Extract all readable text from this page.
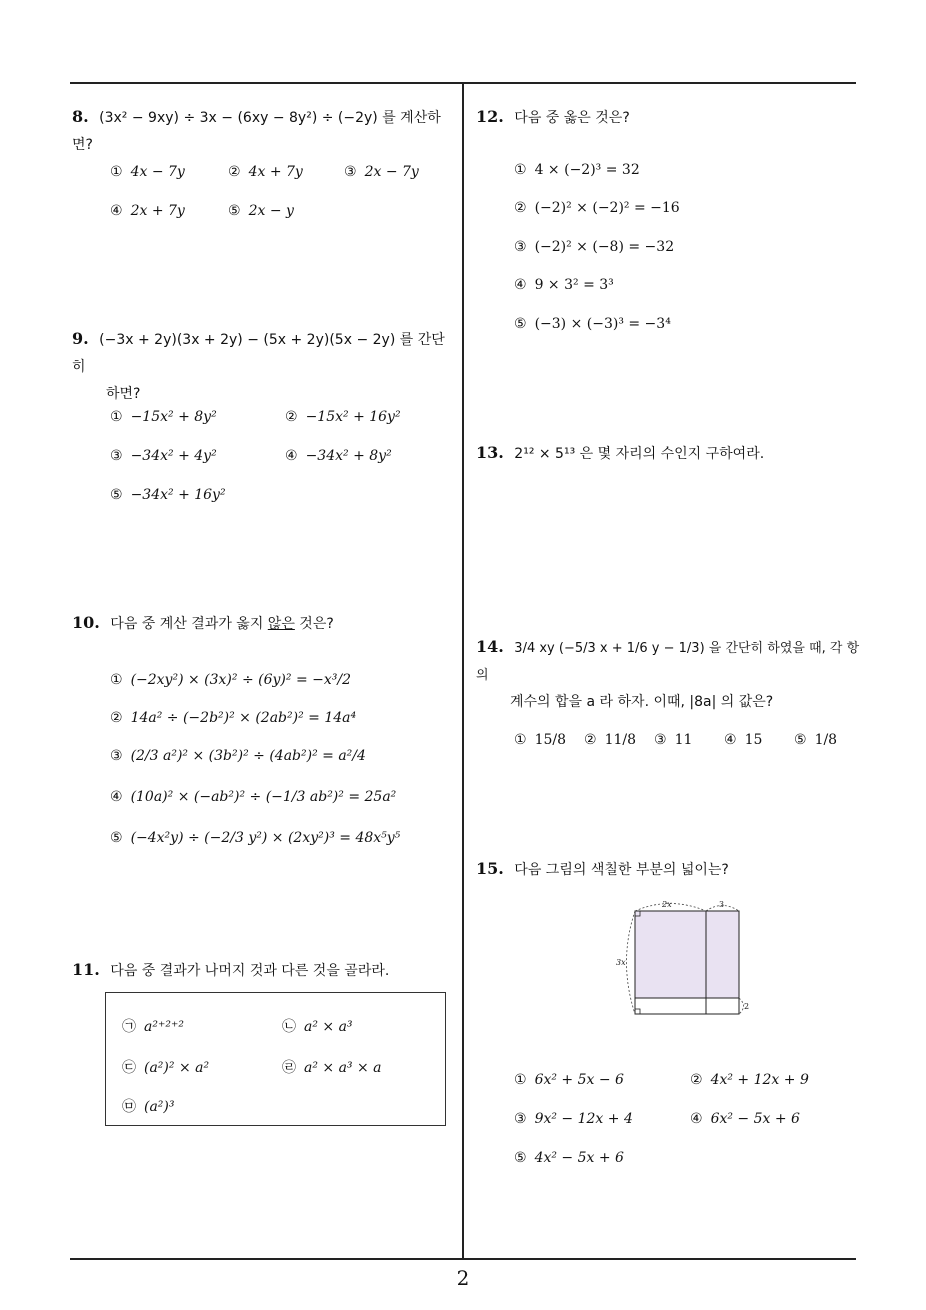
8. (3x² − 9xy) ÷ 3x − (6xy − 8y²) ÷ (−2y) 를 계산하면?
① 4x − 7y	② 4x + 7y	③ 2x − 7y
④ 2x + 7y	⑤ 2x − y
9. (−3x + 2y)(3x + 2y) − (5x + 2y)(5x − 2y) 를 간단히
하면?
① −15x² + 8y²	② −15x² + 16y²
③ −34x² + 4y²	④ −34x² + 8y²
⑤ −34x² + 16y²
10. 다음 중 계산 결과가 옳지 않은 것은?
① (−2xy²) × (3x)² ÷ (6y)² = −x³/2
② 14a² ÷ (−2b²)² × (2ab²)² = 14a⁴
③ (2/3 a²)² × (3b²)² ÷ (4ab²)² = a²/4
④ (10a)² × (−ab²)² ÷ (−1/3 ab²)² = 25a²
⑤ (−4x²y) ÷ (−2/3 y²) × (2xy²)³ = 48x⁵y⁵
11. 다음 중 결과가 나머지 것과 다른 것을 골라라.
㉠ a²⁺²⁺²	㉡ a² × a³
㉢ (a²)² × a²	㉣ a² × a³ × a
㉤ (a²)³
12. 다음 중 옳은 것은?
① 4 × (−2)³ = 32
② (−2)² × (−2)² = −16
③ (−2)² × (−8) = −32
④ 9 × 3² = 3³
⑤ (−3) × (−3)³ = −3⁴
13. 2¹² × 5¹³ 은 몇 자리의 수인지 구하여라.
14. 3/4 xy (−5/3 x + 1/6 y − 1/3) 을 간단히 하였을 때, 각 항의
계수의 합을 a 라 하자. 이때, |8a| 의 값은?
① 15/8 ② 11/8 ③ 11 ④ 15 ⑤ 1/8
15. 다음 그림의 색칠한 부분의 넓이는?
2x	3
3x
2
① 6x² + 5x − 6	② 4x² + 12x + 9
③ 9x² − 12x + 4	④ 6x² − 5x + 6
⑤ 4x² − 5x + 6
2
